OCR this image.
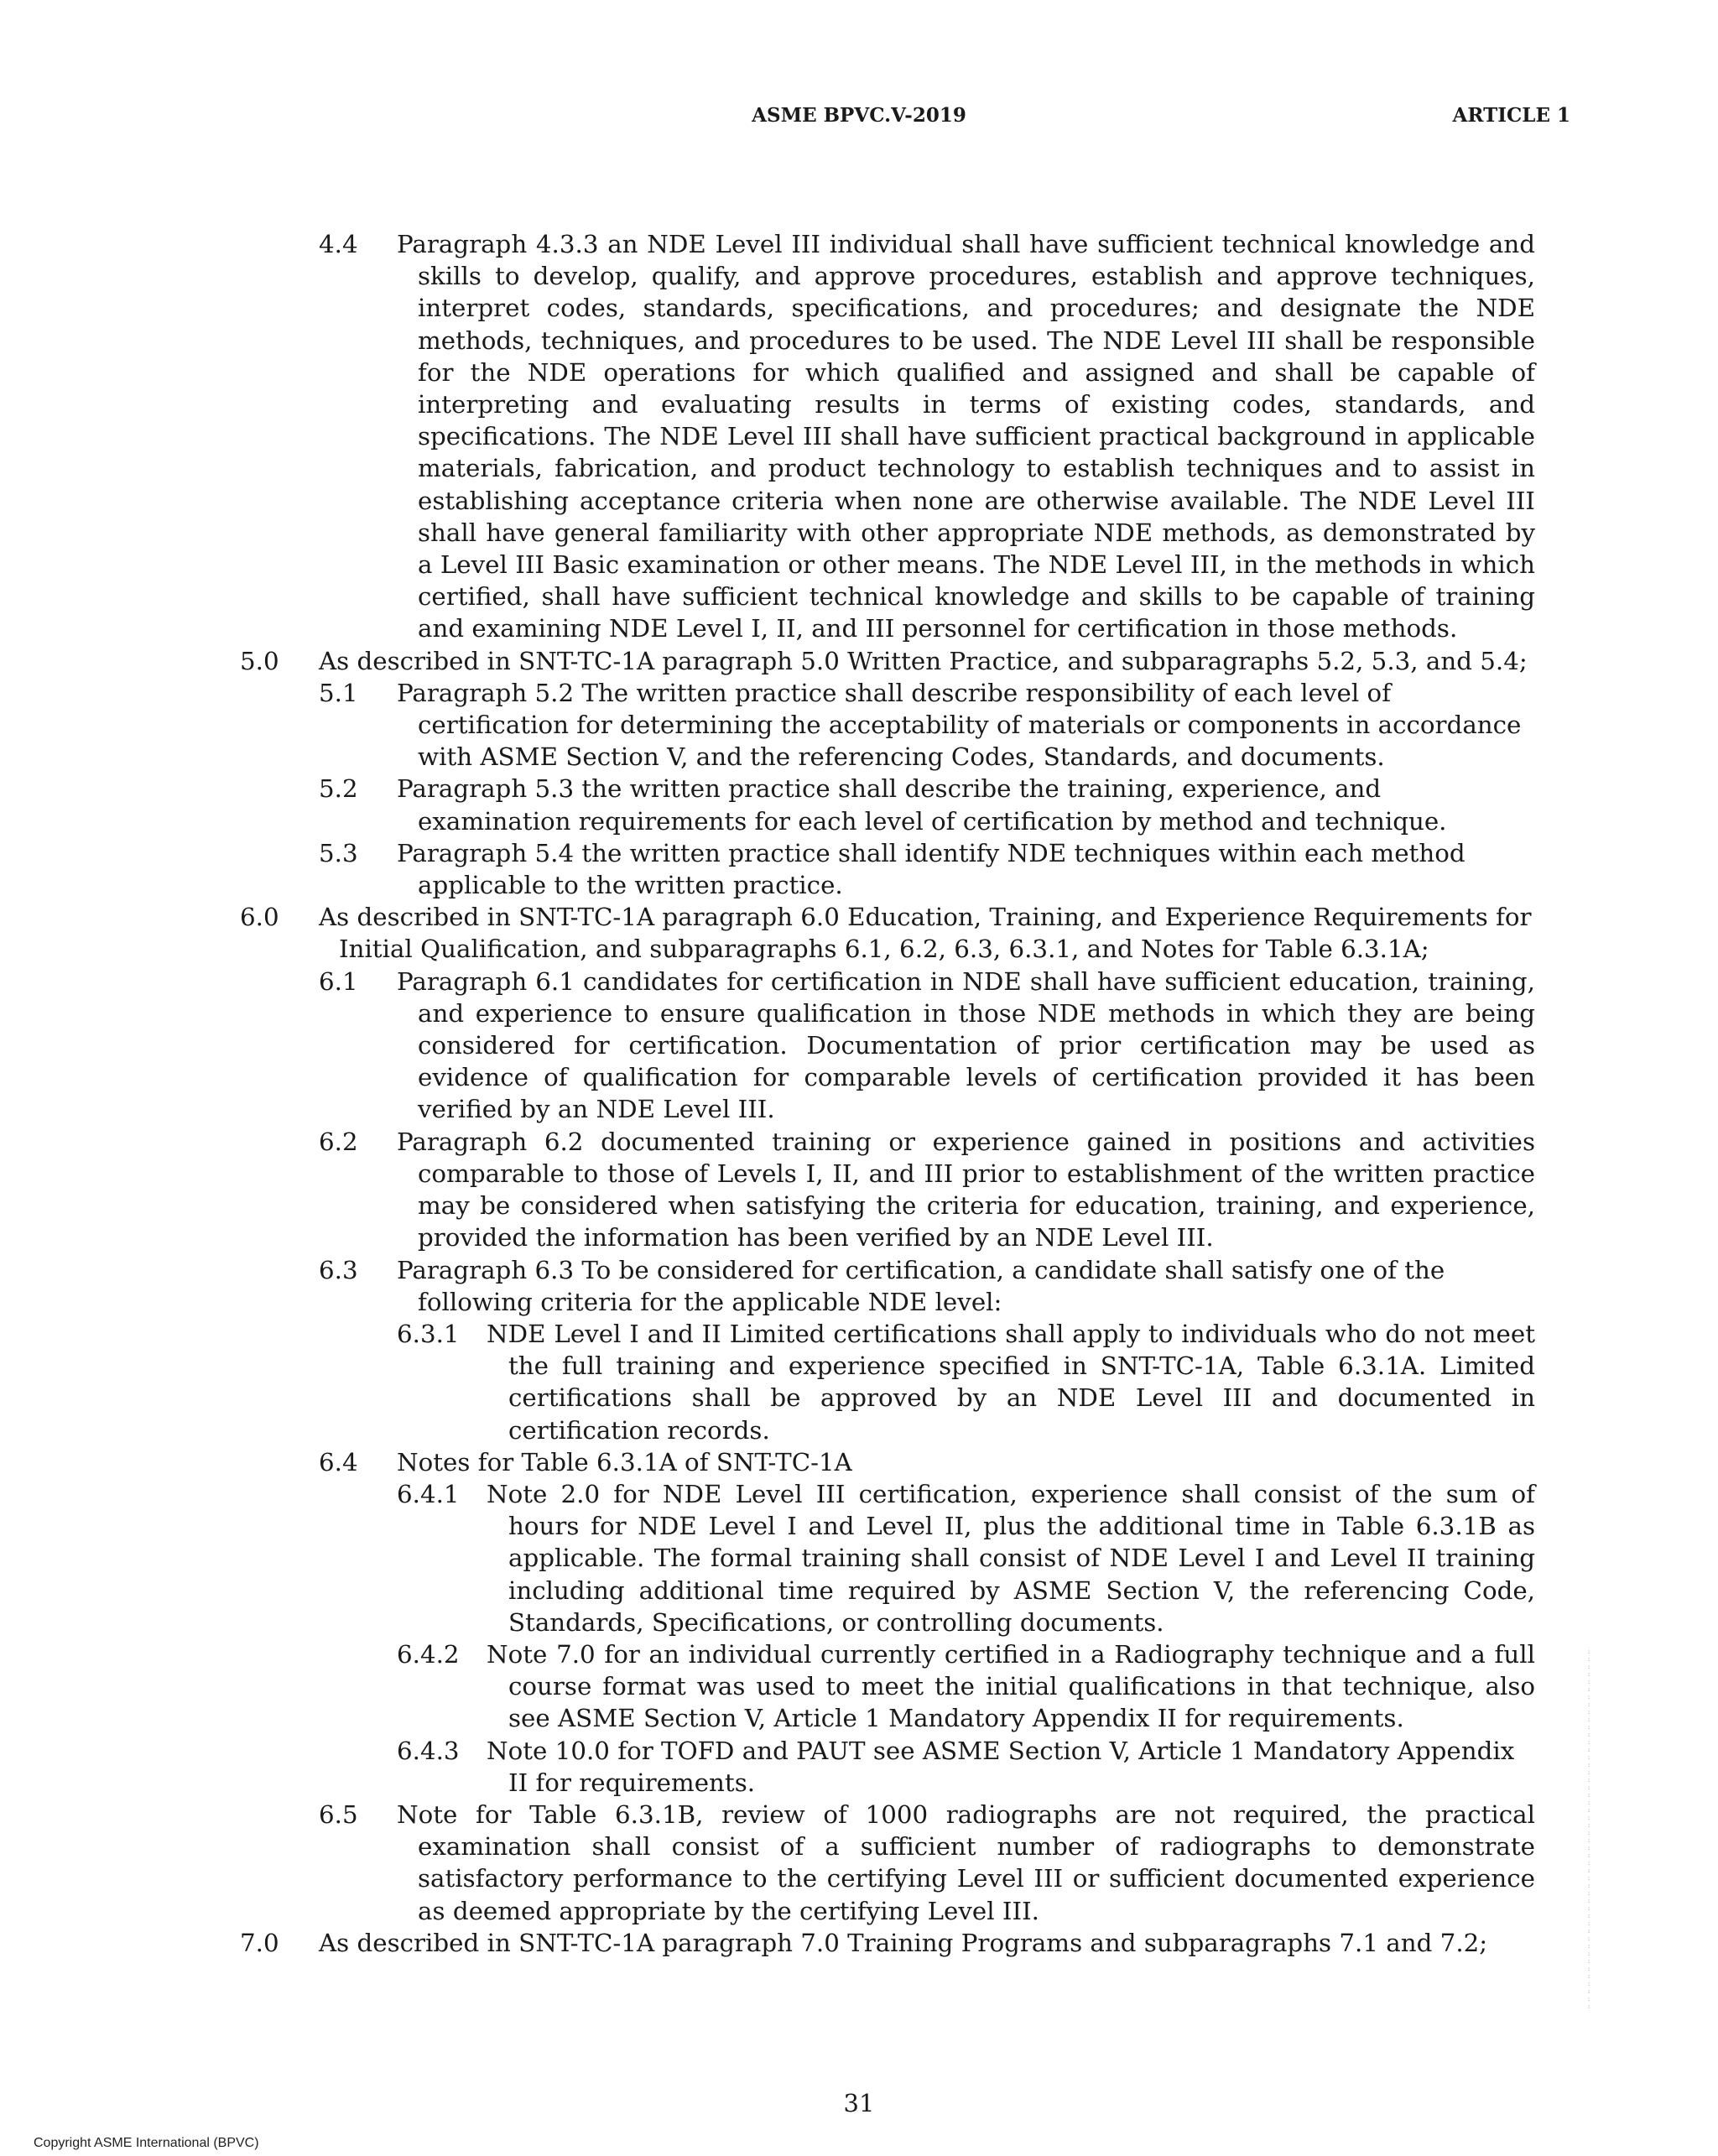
ASME BPVC.V-2019	ARTICLE 1
4.4 Paragraph 4.3.3 an NDE Level III individual shall have sufficient technical knowledge and skills to develop, qualify, and approve procedures, establish and approve techniques, interpret codes, standards, specifications, and procedures; and designate the NDE methods, techniques, and procedures to be used. The NDE Level III shall be responsible for the NDE operations for which qualified and assigned and shall be capable of interpreting and evaluating results in terms of existing codes, standards, and specifications. The NDE Level III shall have sufficient practical background in applicable materials, fabrication, and product technology to establish techniques and to assist in establishing acceptance criteria when none are otherwise available. The NDE Level III shall have general familiarity with other appropriate NDE methods, as demonstrated by a Level III Basic examination or other means. The NDE Level III, in the methods in which certified, shall have sufficient technical knowledge and skills to be capable of training and examining NDE Level I, II, and III personnel for certification in those methods.
5.0 As described in SNT-TC-1A paragraph 5.0 Written Practice, and subparagraphs 5.2, 5.3, and 5.4;
5.1 Paragraph 5.2 The written practice shall describe responsibility of each level of certification for determining the acceptability of materials or components in accordance with ASME Section V, and the referencing Codes, Standards, and documents.
5.2 Paragraph 5.3 the written practice shall describe the training, experience, and examination requirements for each level of certification by method and technique.
5.3 Paragraph 5.4 the written practice shall identify NDE techniques within each method applicable to the written practice.
6.0 As described in SNT-TC-1A paragraph 6.0 Education, Training, and Experience Requirements for Initial Qualification, and subparagraphs 6.1, 6.2, 6.3, 6.3.1, and Notes for Table 6.3.1A;
6.1 Paragraph 6.1 candidates for certification in NDE shall have sufficient education, training, and experience to ensure qualification in those NDE methods in which they are being considered for certification. Documentation of prior certification may be used as evidence of qualification for comparable levels of certification provided it has been verified by an NDE Level III.
6.2 Paragraph 6.2 documented training or experience gained in positions and activities comparable to those of Levels I, II, and III prior to establishment of the written practice may be considered when satisfying the criteria for education, training, and experience, provided the information has been verified by an NDE Level III.
6.3 Paragraph 6.3 To be considered for certification, a candidate shall satisfy one of the following criteria for the applicable NDE level:
6.3.1 NDE Level I and II Limited certifications shall apply to individuals who do not meet the full training and experience specified in SNT-TC-1A, Table 6.3.1A. Limited certifications shall be approved by an NDE Level III and documented in certification records.
6.4 Notes for Table 6.3.1A of SNT-TC-1A
6.4.1 Note 2.0 for NDE Level III certification, experience shall consist of the sum of hours for NDE Level I and Level II, plus the additional time in Table 6.3.1B as applicable. The formal training shall consist of NDE Level I and Level II training including additional time required by ASME Section V, the referencing Code, Standards, Specifications, or controlling documents.
6.4.2 Note 7.0 for an individual currently certified in a Radiography technique and a full course format was used to meet the initial qualifications in that technique, also see ASME Section V, Article 1 Mandatory Appendix II for requirements.
6.4.3 Note 10.0 for TOFD and PAUT see ASME Section V, Article 1 Mandatory Appendix II for requirements.
6.5 Note for Table 6.3.1B, review of 1000 radiographs are not required, the practical examination shall consist of a sufficient number of radiographs to demonstrate satisfactory performance to the certifying Level III or sufficient documented experience as deemed appropriate by the certifying Level III.
7.0 As described in SNT-TC-1A paragraph 7.0 Training Programs and subparagraphs 7.1 and 7.2;
: : : : : : : : : : : : : : : : : : : : : : : : : : : : : : : : : : : : : : : : : : : : : : : :
31
Copyright ASME International (BPVC)
